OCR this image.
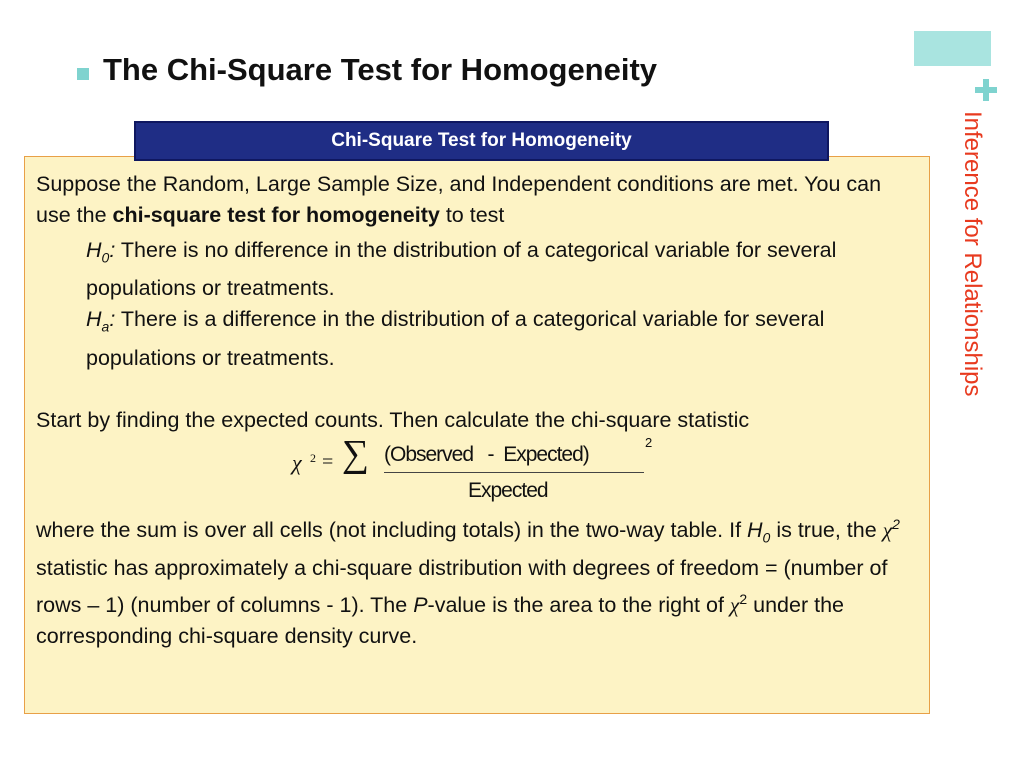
The Chi-Square Test for Homogeneity
Inference for Relationships

Suppose the Random, Large Sample Size, and Independent conditions are met. You can use the chi-square test for homogeneity to test

$H_0$: There is no difference in the distribution of a categorical variable for several populations or treatments.

$H_a$: There is a difference in the distribution of a categorical variable for several populations or treatments.

Start by finding the expected counts. Then calculate the chi-square statistic

χ 2 = ∑ (Observed   -  Expected)
2
Expected

where the sum is over all cells (not including totals) in the two-way table. If $H_0$ is true, the $\chi^2$ statistic has approximately a chi-square distribution with degrees of freedom = (number of rows – 1) (number of columns - 1). The P-value is the area to the right of $\chi^2$ under the corresponding chi-square density curve.

Chi-Square Test for Homogeneity
